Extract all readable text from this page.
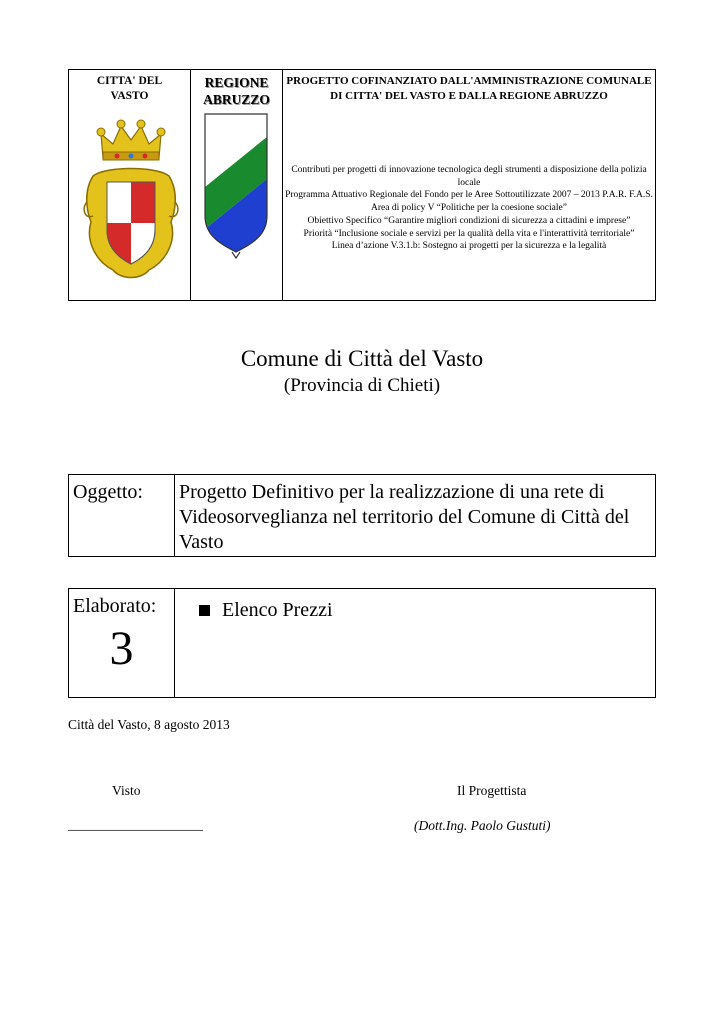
CITTA' DEL
VASTO
REGIONE
ABRUZZO
PROGETTO COFINANZIATO DALL'AMMINISTRAZIONE COMUNALE DI CITTA' DEL VASTO E DALLA REGIONE ABRUZZO
Contributi per progetti di innovazione tecnologica degli strumenti a disposizione della polizia locale
Programma Attuativo Regionale del Fondo per le Aree Sottoutilizzate 2007 – 2013 P.A.R. F.A.S.
Area di policy V “Politiche per la coesione sociale”
Obiettivo Specifico “Garantire migliori condizioni di sicurezza a cittadini e imprese”
Priorità “Inclusione sociale e servizi per la qualità della vita e l'interattività territoriale”
Linea d’azione V.3.1.b: Sostegno ai progetti per la sicurezza e la legalità
Comune di Città del Vasto
(Provincia di Chieti)
Oggetto: Progetto Definitivo per la realizzazione di una rete di Videosorveglianza nel territorio del Comune di Città del Vasto
Elaborato:
3
Elenco Prezzi
Città del Vasto, 8 agosto 2013
Visto	Il Progettista
____________________	(Dott.Ing. Paolo Gustuti)
